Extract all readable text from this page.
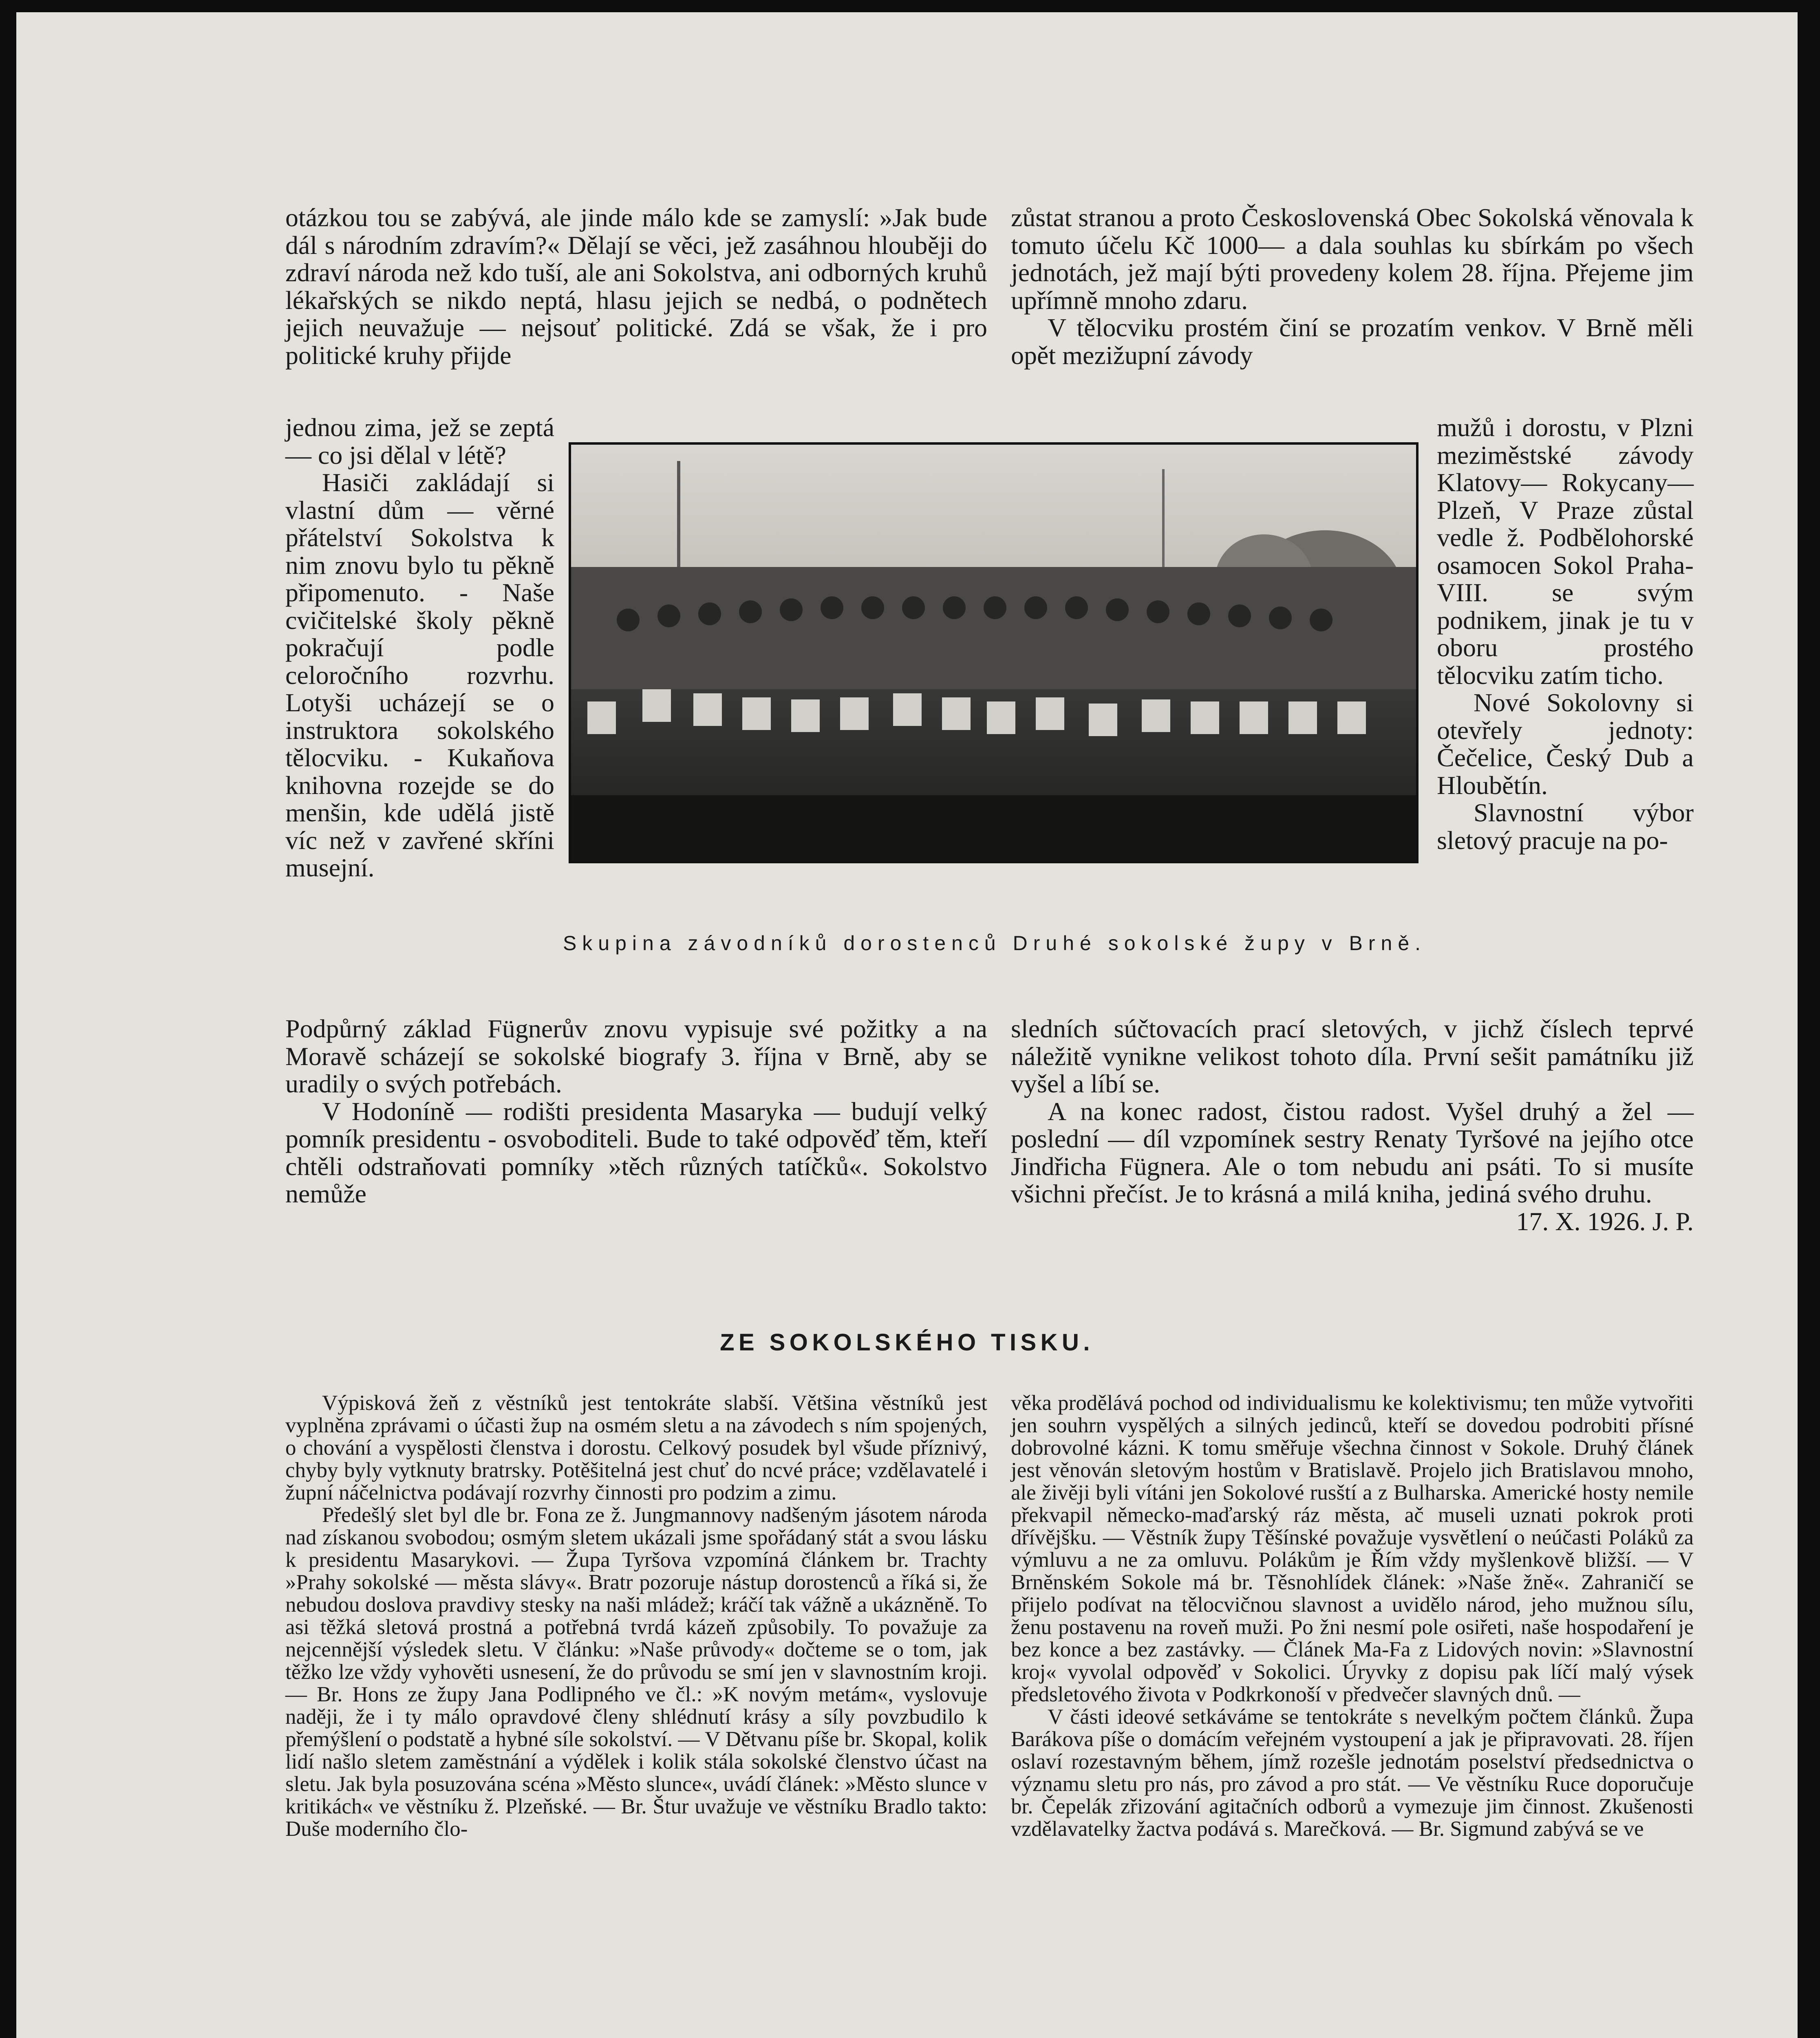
otázkou tou se zabývá, ale jinde málo kde se zamyslí: »Jak bude dál s národním zdravím?« Dělají se věci, jež zasáhnou hlouběji do zdraví národa než kdo tuší, ale ani Sokolstva, ani odborných kruhů lékařských se nikdo neptá, hlasu jejich se nedbá, o podnětech jejich neuvažuje — nejsouť politické. Zdá se však, že i pro politické kruhy přijde

zůstat stranou a proto Československá Obec Sokolská věnovala k tomuto účelu Kč 1000— a dala souhlas ku sbírkám po všech jednotách, jež mají býti provedeny kolem 28. října. Přejeme jim upřímně mnoho zdaru.

V tělocviku prostém činí se prozatím venkov. V Brně měli opět mezižupní závody

jednou zima, jež se zeptá — co jsi dělal v létě?

Hasiči zakládají si vlastní dům — věrné přátelství Sokolstva k nim znovu bylo tu pěkně připomenuto. - Naše cvičitelské školy pěkně pokračují podle celoročního rozvrhu. Lotyši ucházejí se o instruktora sokolského tělocviku. - Kukaňova knihovna rozejde se do menšin, kde udělá jistě víc než v zavřené skříni musejní.

Skupina závodníků dorostenců Druhé sokolské župy v Brně.

mužů i dorostu, v Plzni meziměstské závody Klatovy— Rokycany—Plzeň, V Praze zůstal vedle ž. Podbělohorské osamocen Sokol Praha-VIII. se svým podnikem, jinak je tu v oboru prostého tělocviku zatím ticho.

Nové Sokolovny si otevřely jednoty: Čečelice, Český Dub a Hloubětín.

Slavnostní výbor sletový pracuje na po-

Podpůrný základ Fügnerův znovu vypisuje své požitky a na Moravě scházejí se sokolské biografy 3. října v Brně, aby se uradily o svých potřebách.

V Hodoníně — rodišti presidenta Masaryka — budují velký pomník presidentu - osvoboditeli. Bude to také odpověď těm, kteří chtěli odstraňovati pomníky »těch různých tatíčků«. Sokolstvo nemůže

sledních súčtovacích prací sletových, v jichž číslech teprvé náležitě vynikne velikost tohoto díla. První sešit památníku již vyšel a líbí se.

A na konec radost, čistou radost. Vyšel druhý a žel — poslední — díl vzpomínek sestry Renaty Tyršové na jejího otce Jindřicha Fügnera. Ale o tom nebudu ani psáti. To si musíte všichni přečíst. Je to krásná a milá kniha, jediná svého druhu.

17. X. 1926. J. P.

ZE SOKOLSKÉHO TISKU.

Výpisková žeň z věstníků jest tentokráte slabší. Většina věstníků jest vyplněna zprávami o účasti žup na osmém sletu a na závodech s ním spojených, o chování a vyspělosti členstva i dorostu. Celkový posudek byl všude příznivý, chyby byly vytknuty bratrsky. Potěšitelná jest chuť do ncvé práce; vzdělavatelé i župní náčelnictva podávají rozvrhy činnosti pro podzim a zimu.

Předešlý slet byl dle br. Fona ze ž. Jungmannovy nadšeným jásotem národa nad získanou svobodou; osmým sletem ukázali jsme spořádaný stát a svou lásku k presidentu Masarykovi. — Župa Tyršova vzpomíná článkem br. Trachty »Prahy sokolské — města slávy«. Bratr pozoruje nástup dorostenců a říká si, že nebudou doslova pravdivy stesky na naši mládež; kráčí tak vážně a ukázněně. To asi těžká sletová prostná a potřebná tvrdá kázeň způsobily. To považuje za nejcennější výsledek sletu. V článku: »Naše průvody« dočteme se o tom, jak těžko lze vždy vyhověti usnesení, že do průvodu se smí jen v slavnostním kroji. — Br. Hons ze župy Jana Podlipného ve čl.: »K novým metám«, vyslovuje naději, že i ty málo opravdové členy shlédnutí krásy a síly povzbudilo k přemýšlení o podstatě a hybné síle sokolství. — V Dětvanu píše br. Skopal, kolik lidí našlo sletem zaměstnání a výdělek i kolik stála sokolské členstvo účast na sletu. Jak byla posuzována scéna »Město slunce«, uvádí článek: »Město slunce v kritikách« ve věstníku ž. Plzeňské. — Br. Štur uvažuje ve věstníku Bradlo takto: Duše moderního člo-

věka prodělává pochod od individualismu ke kolektivismu; ten může vytvořiti jen souhrn vyspělých a silných jedinců, kteří se dovedou podrobiti přísné dobrovolné kázni. K tomu směřuje všechna činnost v Sokole. Druhý článek jest věnován sletovým hostům v Bratislavě. Projelo jich Bratislavou mnoho, ale živěji byli vítáni jen Sokolové rusští a z Bulharska. Americké hosty nemile překvapil německo-maďarský ráz města, ač museli uznati pokrok proti dřívějšku. — Věstník župy Těšínské považuje vysvětlení o neúčasti Poláků za výmluvu a ne za omluvu. Polákům je Řím vždy myšlenkově bližší. — V Brněnském Sokole má br. Těsnohlídek článek: »Naše žně«. Zahraničí se přijelo podívat na tělocvičnou slavnost a uvidělo národ, jeho mužnou sílu, ženu postavenu na roveň muži. Po žni nesmí pole osiřeti, naše hospodaření je bez konce a bez zastávky. — Článek Ma-Fa z Lidových novin: »Slavnostní kroj« vyvolal odpověď v Sokolici. Úryvky z dopisu pak líčí malý výsek předsletového života v Podkrkonoší v předvečer slavných dnů. —

V části ideové setkáváme se tentokráte s nevelkým počtem článků. Župa Barákova píše o domácím veřejném vystoupení a jak je připravovati. 28. říjen oslaví rozestavným během, jímž rozešle jednotám poselství předsednictva o významu sletu pro nás, pro závod a pro stát. — Ve věstníku Ruce doporučuje br. Čepelák zřizování agitačních odborů a vymezuje jim činnost. Zkušenosti vzdělavatelky žactva podává s. Marečková. — Br. Sigmund zabývá se ve
